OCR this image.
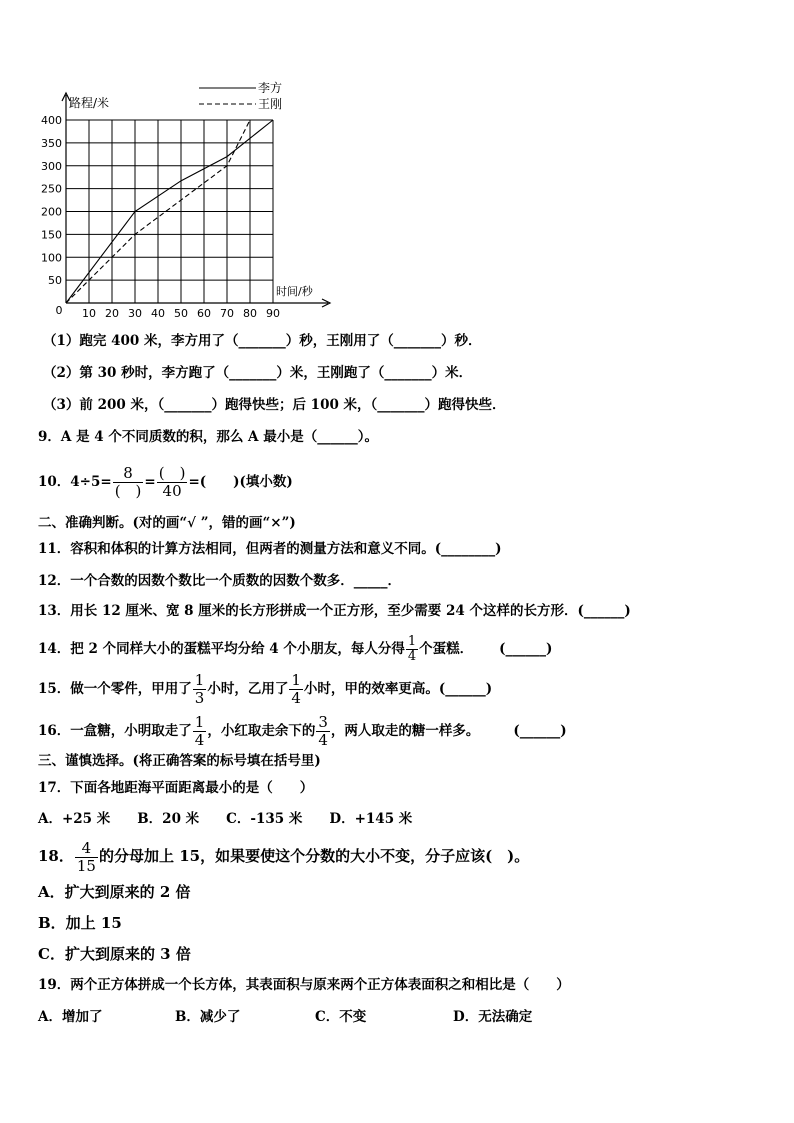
10 20 30 40 50 60 70 80 90
50
100
150
200
250
300
350
400
0
路程/米
时间/秒
李方
王刚
（1）跑完 400 米，李方用了（_______）秒，王刚用了（_______）秒．
（2）第 30 秒时，李方跑了（_______）米，王刚跑了（_______）米．
（3）前 200 米，（_______）跑得快些；后 100 米，（_______）跑得快些．
9．A 是 4 个不同质数的积，那么 A 最小是（______）。
10．$4\div 5= \frac{8}{( )} = \frac{( )}{40}$ =(　　)(填小数)
二、准确判断。(对的画“√ ”，错的画“×”)
11．容积和体积的计算方法相同，但两者的测量方法和意义不同。(________)
12．一个合数的因数个数比一个质数的因数个数多．_____．
13．用长 12 厘米、宽 8 厘米的长方形拼成一个正方形，至少需要 24 个这样的长方形．(______)
14．把 2 个同样大小的蛋糕平均分给 4 个小朋友，每人分得 $\frac{1}{4}$ 个蛋糕． (______)
15．做一个零件，甲用了 $\frac{1}{3}$ 小时，乙用了 $\frac{1}{4}$ 小时，甲的效率更高。(______)
16．一盒糖，小明取走了 $\frac{1}{4}$ ，小红取走余下的 $\frac{3}{4}$ ，两人取走的糖一样多。	(______)
三、谨慎选择。(将正确答案的标号填在括号里)
17．下面各地距海平面距离最小的是（　　）
A．+25 米　　B．20 米　　C．-135 米　　D．+145 米
18． $\frac{4}{15}$ 的分母加上 15，如果要使这个分数的大小不变，分子应该(　)。
A．扩大到原来的 2 倍
B．加上 15
C．扩大到原来的 3 倍
19．两个正方体拼成一个长方体，其表面积与原来两个正方体表面积之和相比是（　　）
A．增加了	B．减少了	C．不变	D．无法确定
